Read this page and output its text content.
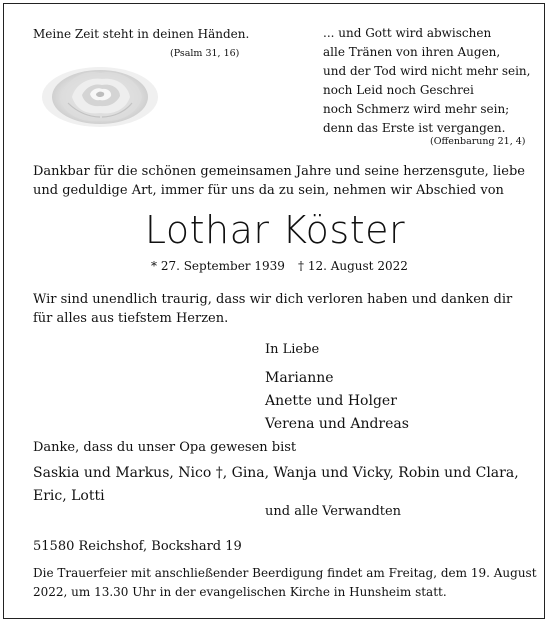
Meine Zeit steht in deinen Händen.
(Psalm 31, 16)
... und Gott wird abwischen
alle Tränen von ihren Augen,
und der Tod wird nicht mehr sein,
noch Leid noch Geschrei
noch Schmerz wird mehr sein;
denn das Erste ist vergangen.
(Offenbarung 21, 4)
Dankbar für die schönen gemeinsamen Jahre und seine herzensgute, liebe
und geduldige Art, immer für uns da zu sein, nehmen wir Abschied von
Lothar Köster
* 27. September 1939 † 12. August 2022
Wir sind unendlich traurig, dass wir dich verloren haben und danken dir
für alles aus tiefstem Herzen.
In Liebe
Marianne
Anette und Holger
Verena und Andreas
Danke, dass du unser Opa gewesen bist
Saskia und Markus, Nico †, Gina, Wanja und Vicky, Robin und Clara,
Eric, Lotti
und alle Verwandten
51580 Reichshof, Bockshard 19
Die Trauerfeier mit anschließender Beerdigung findet am Freitag, dem 19. August
2022, um 13.30 Uhr in der evangelischen Kirche in Hunsheim statt.
